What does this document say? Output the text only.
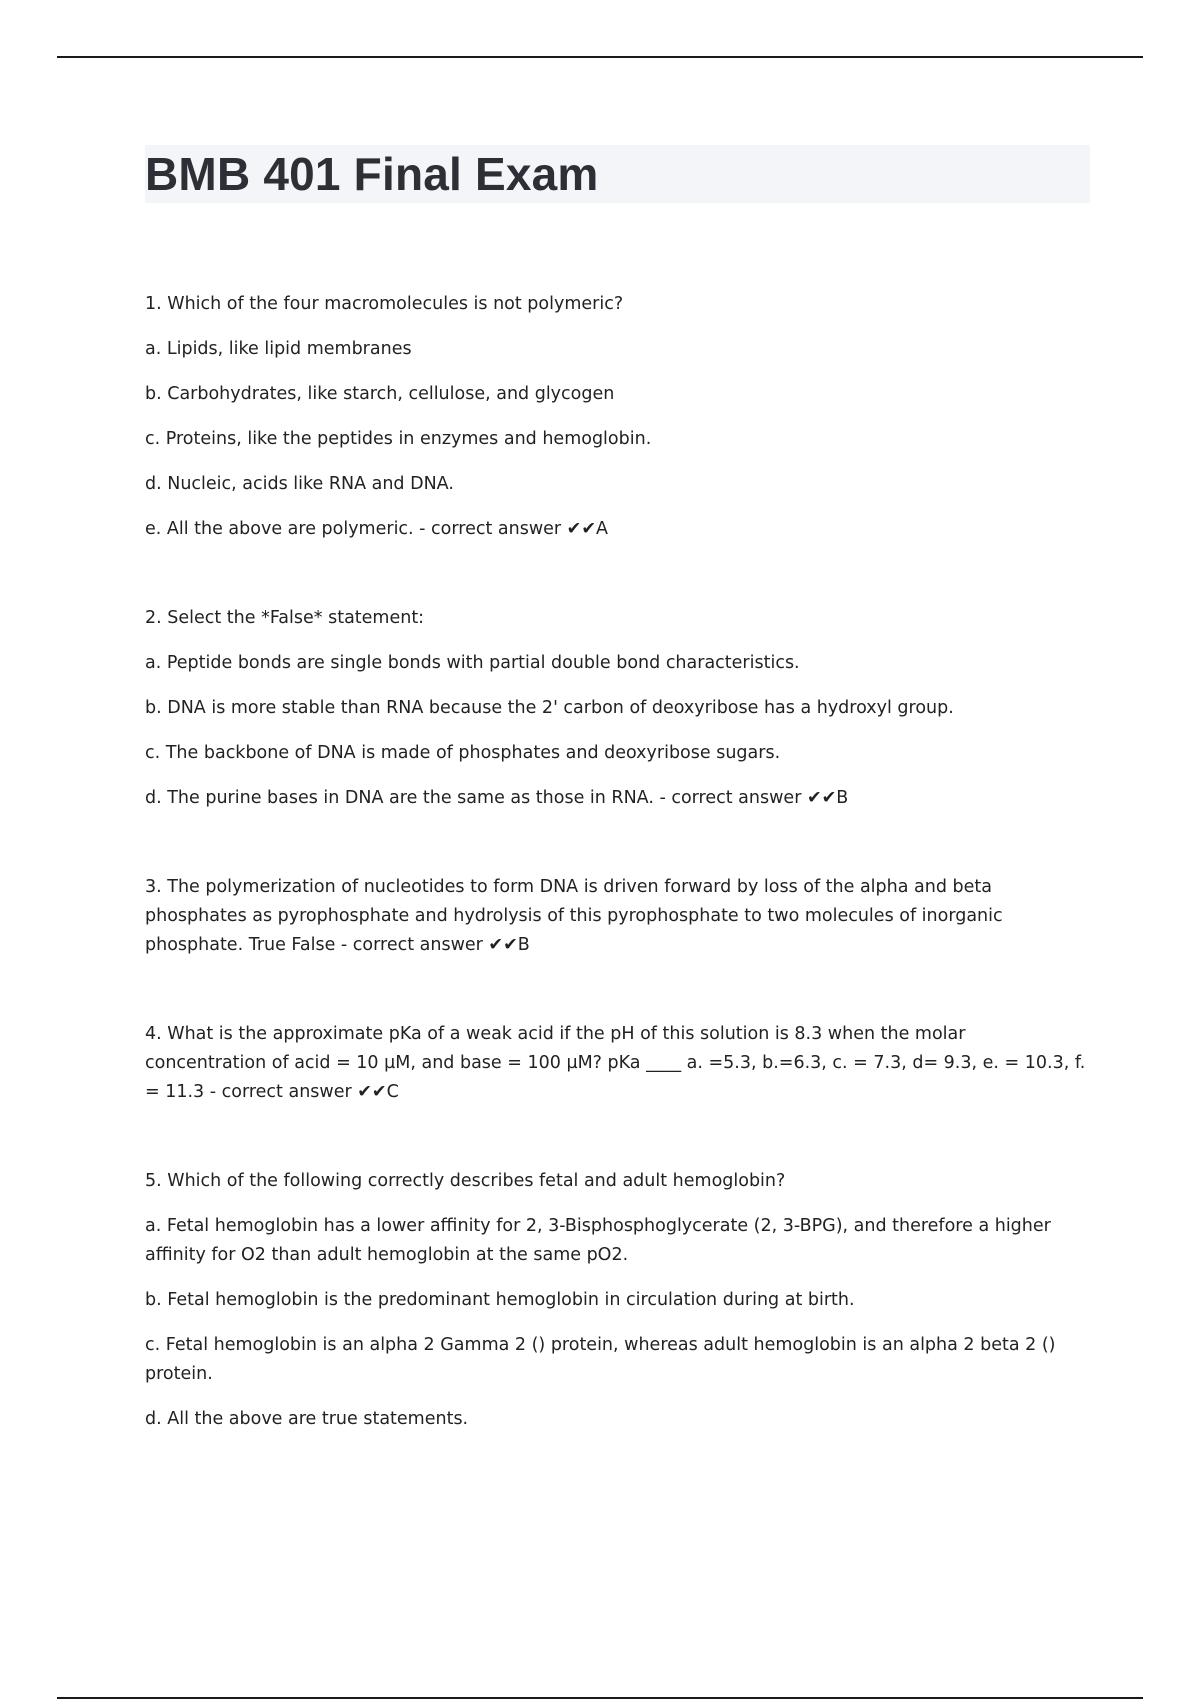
BMB 401 Final Exam

1. Which of the four macromolecules is not polymeric?

a. Lipids, like lipid membranes

b. Carbohydrates, like starch, cellulose, and glycogen

c. Proteins, like the peptides in enzymes and hemoglobin.

d. Nucleic, acids like RNA and DNA.

e. All the above are polymeric. - correct answer ✔✔A

2. Select the *False* statement:

a. Peptide bonds are single bonds with partial double bond characteristics.

b. DNA is more stable than RNA because the 2' carbon of deoxyribose has a hydroxyl group.

c. The backbone of DNA is made of phosphates and deoxyribose sugars.

d. The purine bases in DNA are the same as those in RNA. - correct answer ✔✔B

3. The polymerization of nucleotides to form DNA is driven forward by loss of the alpha and beta phosphates as pyrophosphate and hydrolysis of this pyrophosphate to two molecules of inorganic phosphate. True False - correct answer ✔✔B

4. What is the approximate pKa of a weak acid if the pH of this solution is 8.3 when the molar concentration of acid = 10 µM, and base = 100 µM? pKa ____ a. =5.3, b.=6.3, c. = 7.3, d= 9.3, e. = 10.3, f. = 11.3 - correct answer ✔✔C

5. Which of the following correctly describes fetal and adult hemoglobin?

a. Fetal hemoglobin has a lower affinity for 2, 3-Bisphosphoglycerate (2, 3-BPG), and therefore a higher affinity for O2 than adult hemoglobin at the same pO2.

b. Fetal hemoglobin is the predominant hemoglobin in circulation during at birth.

c. Fetal hemoglobin is an alpha 2 Gamma 2 () protein, whereas adult hemoglobin is an alpha 2 beta 2 () protein.

d. All the above are true statements.
